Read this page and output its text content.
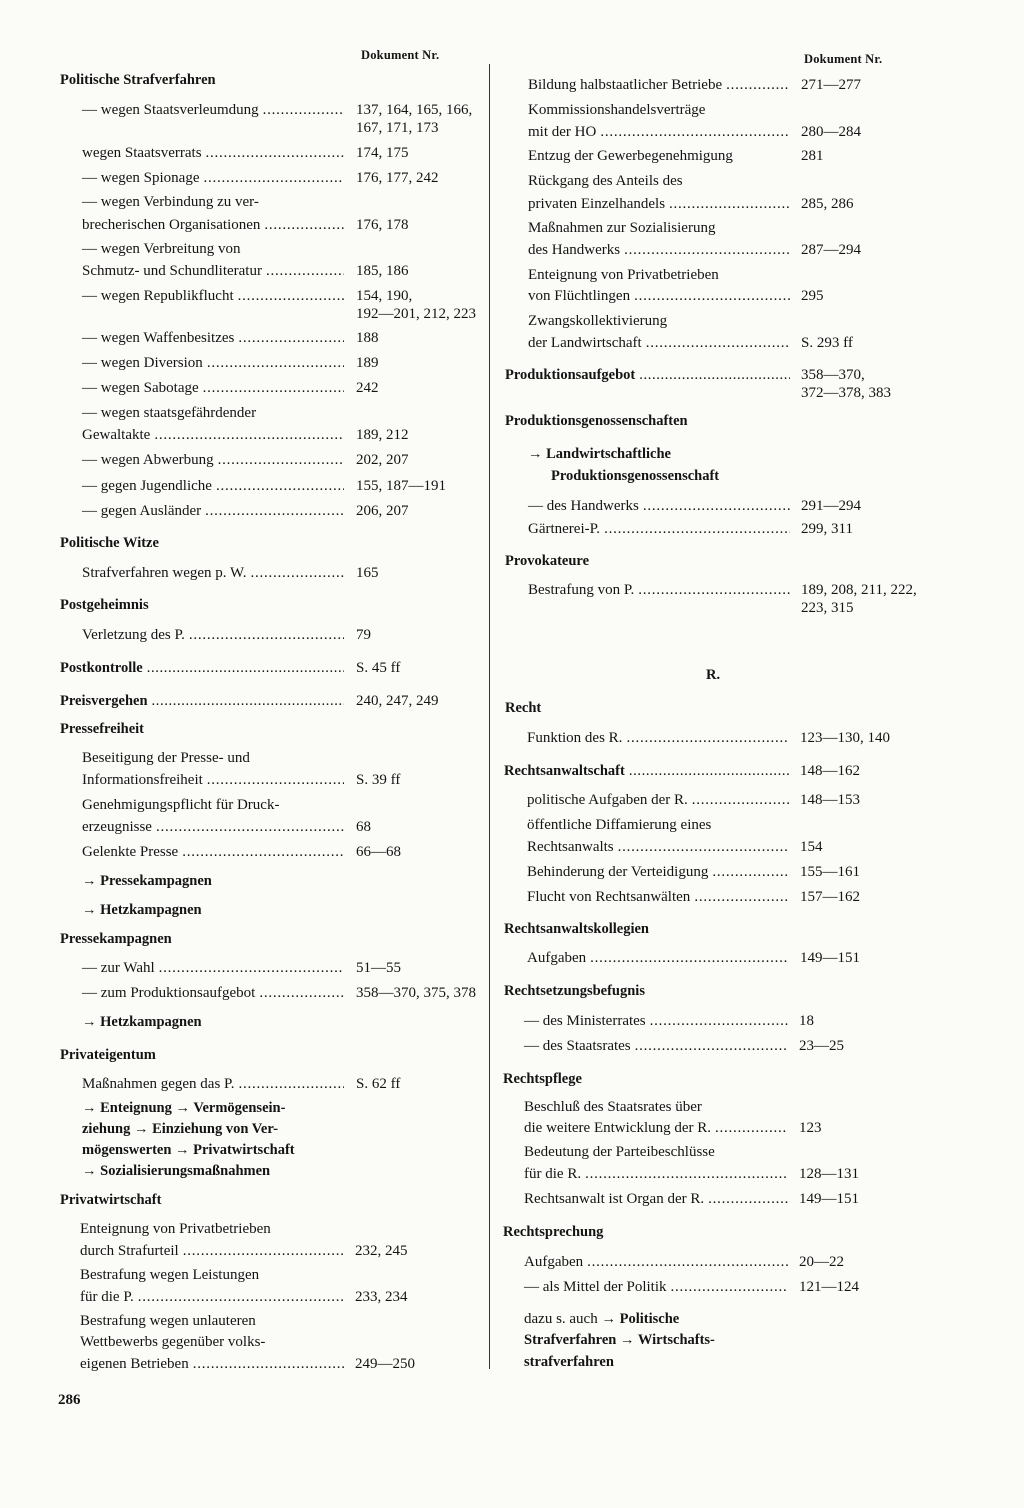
Dokument Nr.	Dokument Nr.
Politische Strafverfahren
— wegen Staatsverleumdung . . .	137, 164, 165, 166,
167, 171, 173
wegen Staatsverrats . . .	174, 175
— wegen Spionage . . .	176, 177, 242
— wegen Verbindung zu ver-
brecherischen Organisationen . . .	176, 178
— wegen Verbreitung von
Schmutz- und Schundliteratur . . .	185, 186
— wegen Republikflucht . . .	154, 190,
192—201, 212, 223
— wegen Waffenbesitzes . . .	188
— wegen Diversion . . .	189
— wegen Sabotage . . .	242
— wegen staatsgefährdender
Gewaltakte . . .	189, 212
— wegen Abwerbung . . .	202, 207
— gegen Jugendliche . . .	155, 187—191
— gegen Ausländer . . .	206, 207
Politische Witze
Strafverfahren wegen p. W. . . .	165
Postgeheimnis
Verletzung des P. . . .	79
Postkontrolle . . .	S. 45 ff
Preisvergehen . . .	240, 247, 249
Pressefreiheit
Beseitigung der Presse- und
Informationsfreiheit . . .	S. 39 ff
Genehmigungspflicht für Druck-
erzeugnisse . . .	68
Gelenkte Presse . . .	66—68
→ Pressekampagnen
→ Hetzkampagnen
Pressekampagnen
— zur Wahl . . .	51—55
— zum Produktionsaufgebot . . .	358—370, 375, 378
→ Hetzkampagnen
Privateigentum
Maßnahmen gegen das P. . . .	S. 62 ff
→ Enteignung → Vermögensein-
ziehung → Einziehung von Ver-
mögenswerten → Privatwirtschaft
→ Sozialisierungsmaßnahmen
Privatwirtschaft
Enteignung von Privatbetrieben
durch Strafurteil . . .	232, 245
Bestrafung wegen Leistungen
für die P. . . .	233, 234
Bestrafung wegen unlauteren
Wettbewerbs gegenüber volks-
eigenen Betrieben . . .	249—250
286
Bildung halbstaatlicher Betriebe . . .	271—277
Kommissionshandelsverträge
mit der HO . . .	280—284
Entzug der Gewerbegenehmigung	281
Rückgang des Anteils des
privaten Einzelhandels . . .	285, 286
Maßnahmen zur Sozialisierung
des Handwerks . . .	287—294
Enteignung von Privatbetrieben
von Flüchtlingen . . .	295
Zwangskollektivierung
der Landwirtschaft . . .	S. 293 ff
Produktionsaufgebot . . .	358—370,
372—378, 383
Produktionsgenossenschaften
→ Landwirtschaftliche
Produktionsgenossenschaft
— des Handwerks . . .	291—294
Gärtnerei-P. . . .	299, 311
Provokateure
Bestrafung von P. . . .	189, 208, 211, 222,
223, 315
R.
Recht
Funktion des R. . . .	123—130, 140
Rechtsanwaltschaft . . .	148—162
politische Aufgaben der R. . . .	148—153
öffentliche Diffamierung eines
Rechtsanwalts . . .	154
Behinderung der Verteidigung . . .	155—161
Flucht von Rechtsanwälten . . .	157—162
Rechtsanwaltskollegien
Aufgaben . . .	149—151
Rechtsetzungsbefugnis
— des Ministerrates . . .	18
— des Staatsrates . . .	23—25
Rechtspflege
Beschluß des Staatsrates über
die weitere Entwicklung der R. . . .	123
Bedeutung der Parteibeschlüsse
für die R. . . .	128—131
Rechtsanwalt ist Organ der R. . . .	149—151
Rechtsprechung
Aufgaben . . .	20—22
— als Mittel der Politik . . .	121—124
dazu s. auch → Politische
Strafverfahren → Wirtschafts-
strafverfahren
